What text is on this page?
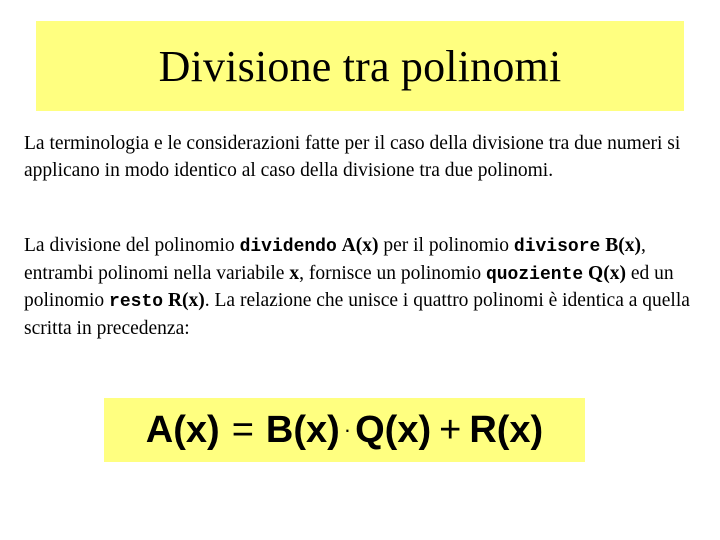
Divisione tra polinomi

La terminologia e le considerazioni fatte per il caso della divisione tra due numeri si applicano in modo identico al caso della divisione tra due polinomi.

La divisione del polinomio dividendo A(x) per il polinomio divisore B(x), entrambi polinomi nella variabile x, fornisce un polinomio quoziente Q(x) ed un polinomio resto R(x). La relazione che unisce i quattro polinomi è identica a quella scritta in precedenza:

A(x) = B(x) · Q(x) + R(x)
